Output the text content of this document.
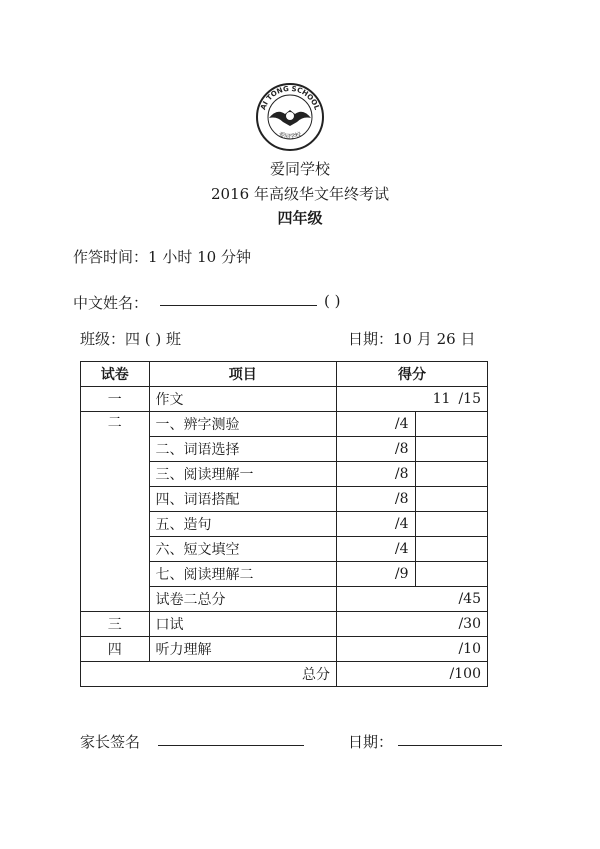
AI TONG SCHOOL
爱同学校
爱同学校
2016 年高级华文年终考试
四年级
作答时间：1 小时 10 分钟
中文姓名：	( )
班级：四 ( ) 班	日期：10 月 26 日
试卷	项目	得分	
一	作文	11 /15	
二	一、辨字测验	/4	
	二、词语选择	/8	
	三、阅读理解一	/8	
	四、词语搭配	/8	
	五、造句	/4	
	六、短文填空	/4	
	七、阅读理解二	/9	
	试卷二总分	/45	
三	口试	/30	
四	听力理解	/10	
总分		/100	
家长签名	日期：
